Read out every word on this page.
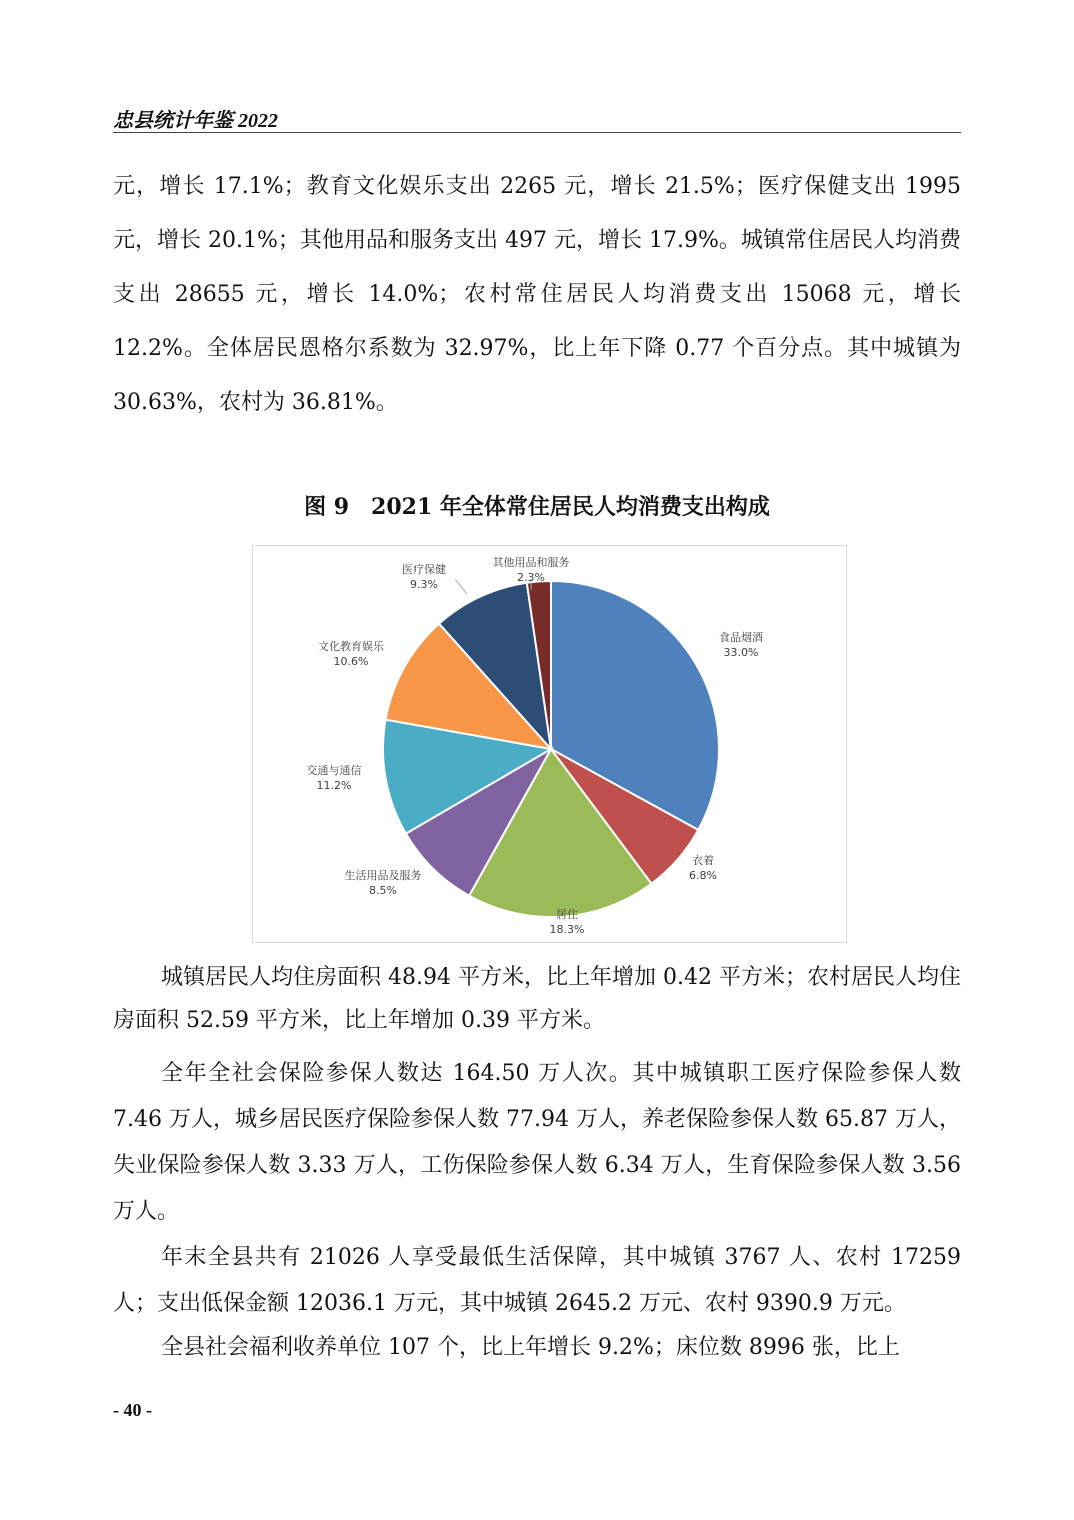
忠县统计年鉴 2022

元，增长 17.1%；教育文化娱乐支出 2265 元，增长 21.5%；医疗保健支出 1995 元，增长 20.1%；其他用品和服务支出 497 元，增长 17.9%。城镇常住居民人均消费支出 28655 元，增长 14.0%；农村常住居民人均消费支出 15068 元，增长 12.2%。全体居民恩格尔系数为 32.97%，比上年下降 0.77 个百分点。其中城镇为 30.63%，农村为 36.81%。

图 9　2021 年全体常住居民人均消费支出构成
食品烟酒
33.0%
衣着
6.8%
居住
18.3%
生活用品及服务
8.5%
交通与通信
11.2%
文化教育娱乐
10.6%
医疗保健
9.3%
其他用品和服务
2.3%

城镇居民人均住房面积 48.94 平方米，比上年增加 0.42 平方米；农村居民人均住房面积 52.59 平方米，比上年增加 0.39 平方米。

全年全社会保险参保人数达 164.50 万人次。其中城镇职工医疗保险参保人数 7.46 万人，城乡居民医疗保险参保人数 77.94 万人，养老保险参保人数 65.87 万人，失业保险参保人数 3.33 万人，工伤保险参保人数 6.34 万人，生育保险参保人数 3.56 万人。

年末全县共有 21026 人享受最低生活保障，其中城镇 3767 人、农村 17259 人；支出低保金额 12036.1 万元，其中城镇 2645.2 万元、农村 9390.9 万元。

全县社会福利收养单位 107 个，比上年增长 9.2%；床位数 8996 张，比上

- 40 -
